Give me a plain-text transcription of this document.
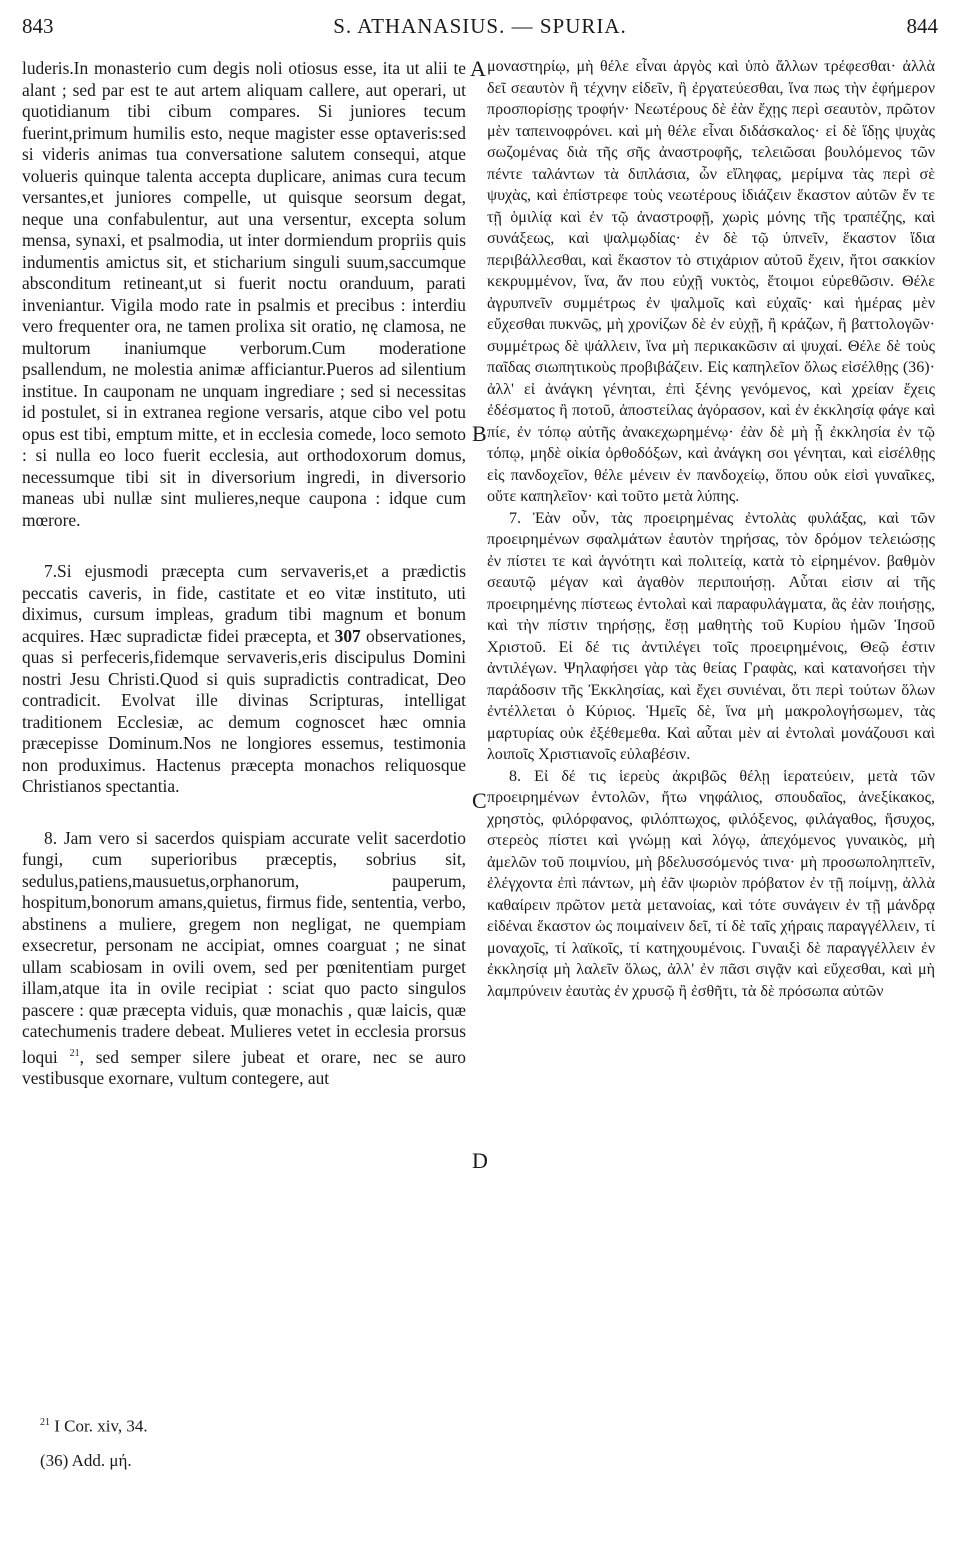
843	S. ATHANASIUS. — SPURIA.	844

luderis.In monasterio cum degis noli otiosus esse, ita ut alii te alant ; sed par est te aut artem aliquam callere, aut operari, ut quotidianum tibi cibum compares. Si juniores tecum fuerint,primum humilis esto, neque magister esse optaveris:sed si videris animas tua conversatione salutem consequi, atque volueris quinque talenta accepta duplicare, animas cura tecum versantes,et juniores compelle, ut quisque seorsum degat, neque una confabulentur, aut una versentur, excepta solum mensa, synaxi, et psalmodia, ut inter dormiendum propriis quis indumentis amictus sit, et sticharium singuli suum,saccumque absconditum retineant,ut si fuerit noctu oranduum, parati inveniantur. Vigila modo rate in psalmis et precibus : interdiu vero frequenter ora, ne tamen prolixa sit oratio, nę clamosa, ne multorum inaniumque verborum.Cum moderatione psallendum, ne molestia animæ afficiantur.Pueros ad silentium institue. In cauponam ne unquam ingrediare ; sed si necessitas id postulet, si in extranea regione versaris, atque cibo vel potu opus est tibi, emptum mitte, et in ecclesia comede, loco semoto : si nulla eo loco fuerit ecclesia, aut orthodoxorum domus, necessumque tibi sit in diversorium ingredi, in diversorio maneas ubi nullæ sint mulieres,neque caupona : idque cum mœrore.

7.Si ejusmodi præcepta cum servaveris,et a prædictis peccatis caveris, in fide, castitate et eo vitæ instituto, uti diximus, cursum impleas, gradum tibi magnum et bonum acquires. Hæc supradictæ fidei præcepta, et 307 observationes, quas si perfeceris,fidemque servaveris,eris discipulus Domini nostri Jesu Christi.Quod si quis supradictis contradicat, Deo contradicit. Evolvat ille divinas Scripturas, intelligat traditionem Ecclesiæ, ac demum cognoscet hæc omnia præcepisse Dominum.Nos ne longiores essemus, testimonia non produximus. Hactenus præcepta monachos reliquosque Christianos spectantia.

8. Jam vero si sacerdos quispiam accurate velit sacerdotio fungi, cum superioribus præceptis, sobrius sit, sedulus,patiens,mausuetus,orphanorum, pauperum, hospitum,bonorum amans,quietus, firmus fide, sententia, verbo, abstinens a muliere, gregem non negligat, ne quempiam exsecretur, personam ne accipiat, omnes coarguat ; ne sinat ullam scabiosam in ovili ovem, sed per pœnitentiam purget illam,atque ita in ovile recipiat : sciat quo pacto singulos pascere : quæ præcepta viduis, quæ monachis , quæ laicis, quæ catechumenis tradere debeat. Mulieres vetet in ecclesia prorsus loqui $^{21}$, sed semper silere jubeat et orare, nec se auro vestibusque exornare, vultum contegere, aut

A
B
C
D

μοναστηρίῳ, μὴ θέλε εἶναι ἀργὸς καὶ ὑπὸ ἄλλων τρέφεσθαι· ἀλλὰ δεῖ σεαυτὸν ἢ τέχνην εἰδεῖν, ἢ ἐργατεύεσθαι, ἵνα πως τὴν ἐφήμερον προσπορίσῃς τροφήν· Νεωτέρους δὲ ἐὰν ἔχῃς περὶ σεαυτὸν, πρῶτον μὲν ταπεινοφρόνει. καὶ μὴ θέλε εἶναι διδάσκαλος· εἰ δὲ ἴδῃς ψυχὰς σωζομένας διὰ τῆς σῆς ἀναστροφῆς, τελειῶσαι βουλόμενος τῶν πέντε ταλάντων τὰ διπλάσια, ὧν εἴληφας, μερίμνα τὰς περὶ σὲ ψυχὰς, καὶ ἐπίστρεφε τοὺς νεωτέρους ἰδιάζειν ἕκαστον αὐτῶν ἔν τε τῇ ὁμιλίᾳ καὶ ἐν τῷ ἀναστροφῇ, χωρὶς μόνης τῆς τραπέζης, καὶ συνάξεως, καὶ ψαλμῳδίας· ἐν δὲ τῷ ὑπνεῖν, ἕκαστον ἴδια περιβάλλεσθαι, καὶ ἕκαστον τὸ στιχάριον αὐτοῦ ἔχειν, ἤτοι σακκίον κεκρυμμένον, ἵνα, ἄν που εὐχῇ νυκτὸς, ἕτοιμοι εὑρεθῶσιν. Θέλε ἀγρυπνεῖν συμμέτρως ἐν ψαλμοῖς καὶ εὐχαῖς· καὶ ἡμέρας μὲν εὔχεσθαι πυκνῶς, μὴ χρονίζων δὲ ἐν εὐχῇ, ἢ κράζων, ἢ βαττολογῶν· συμμέτρως δὲ ψάλλειν, ἵνα μὴ περικακῶσιν αἱ ψυχαί. Θέλε δὲ τοὺς παῖδας σιωπητικοὺς προβιβάζειν. Εἰς καπηλεῖον ὅλως εἰσέλθῃς (36)· ἀλλ' εἰ ἀνάγκη γένηται, ἐπὶ ξένης γενόμενος, καὶ χρείαν ἔχεις ἐδέσματος ἢ ποτοῦ, ἀποστείλας ἀγόρασον, καὶ ἐν ἐκκλησίᾳ φάγε καὶ πίε, ἐν τόπῳ αὐτῆς ἀνακεχωρημένῳ· ἐὰν δὲ μὴ ᾖ ἐκκλησία ἐν τῷ τόπῳ, μηδὲ οἰκία ὀρθοδόξων, καὶ ἀνάγκη σοι γένηται, καὶ εἰσέλθῃς εἰς πανδοχεῖον, θέλε μένειν ἐν πανδοχείῳ, ὅπου οὐκ εἰσὶ γυναῖκες, οὔτε καπηλεῖον· καὶ τοῦτο μετὰ λύπης.

7. Ἐὰν οὖν, τὰς προειρημένας ἐντολὰς φυλάξας, καὶ τῶν προειρημένων σφαλμάτων ἑαυτὸν τηρήσας, τὸν δρόμον τελειώσῃς ἐν πίστει τε καὶ ἁγνότητι καὶ πολιτείᾳ, κατὰ τὸ εἰρημένον. βαθμὸν σεαυτῷ μέγαν καὶ ἀγαθὸν περιποιήσῃ. Αὗται εἰσιν αἱ τῆς προειρημένης πίστεως ἐντολαὶ καὶ παραφυλάγματα, ἃς ἐὰν ποιήσῃς, καὶ τὴν πίστιν τηρήσῃς, ἔσῃ μαθητὴς τοῦ Κυρίου ἡμῶν Ἰησοῦ Χριστοῦ. Εἰ δέ τις ἀντιλέγει τοῖς προειρημένοις, Θεῷ ἐστιν ἀντιλέγων. Ψηλαφήσει γὰρ τὰς θείας Γραφὰς, καὶ κατανοήσει τὴν παράδοσιν τῆς Ἐκκλησίας, καὶ ἔχει συνιέναι, ὅτι περὶ τούτων ὅλων ἐντέλλεται ὁ Κύριος. Ἡμεῖς δὲ, ἵνα μὴ μακρολογήσωμεν, τὰς μαρτυρίας οὐκ ἐξέθεμεθα. Καὶ αὗται μὲν αἱ ἐντολαὶ μονάζουσι καὶ λοιποῖς Χριστιανοῖς εὐλαβέσιν.

8. Εἰ δέ τις ἱερεὺς ἀκριβῶς θέλῃ ἱερατεύειν, μετὰ τῶν προειρημένων ἐντολῶν, ἤτω νηφάλιος, σπουδαῖος, ἀνεξίκακος, χρηστὸς, φιλόρφανος, φιλόπτωχος, φιλόξενος, φιλάγαθος, ἥσυχος, στερεὸς πίστει καὶ γνώμῃ καὶ λόγῳ, ἀπεχόμενος γυναικὸς, μὴ ἀμελῶν τοῦ ποιμνίου, μὴ βδελυσσόμενός τινα· μὴ προσωποληπτεῖν, ἐλέγχοντα ἐπὶ πάντων, μὴ ἐᾶν ψωριὸν πρόβατον ἐν τῇ ποίμνῃ, ἀλλὰ καθαίρειν πρῶτον μετὰ μετανοίας, καὶ τότε συνάγειν ἐν τῇ μάνδρᾳ εἰδέναι ἕκαστον ὡς ποιμαίνειν δεῖ, τί δὲ ταῖς χήραις παραγγέλλειν, τί μοναχοῖς, τί λαϊκοῖς, τί κατηχουμένοις. Γυναιξὶ δὲ παραγγέλλειν ἐν ἐκκλησίᾳ μὴ λαλεῖν ὅλως, ἀλλ' ἐν πᾶσι σιγᾷν καὶ εὔχεσθαι, καὶ μὴ λαμπρύνειν ἑαυτὰς ἐν χρυσῷ ἢ ἐσθῆτι, τὰ δὲ πρόσωπα αὐτῶν

$^{21}$ I Cor. xiv, 34.
(36) Add. μή.
